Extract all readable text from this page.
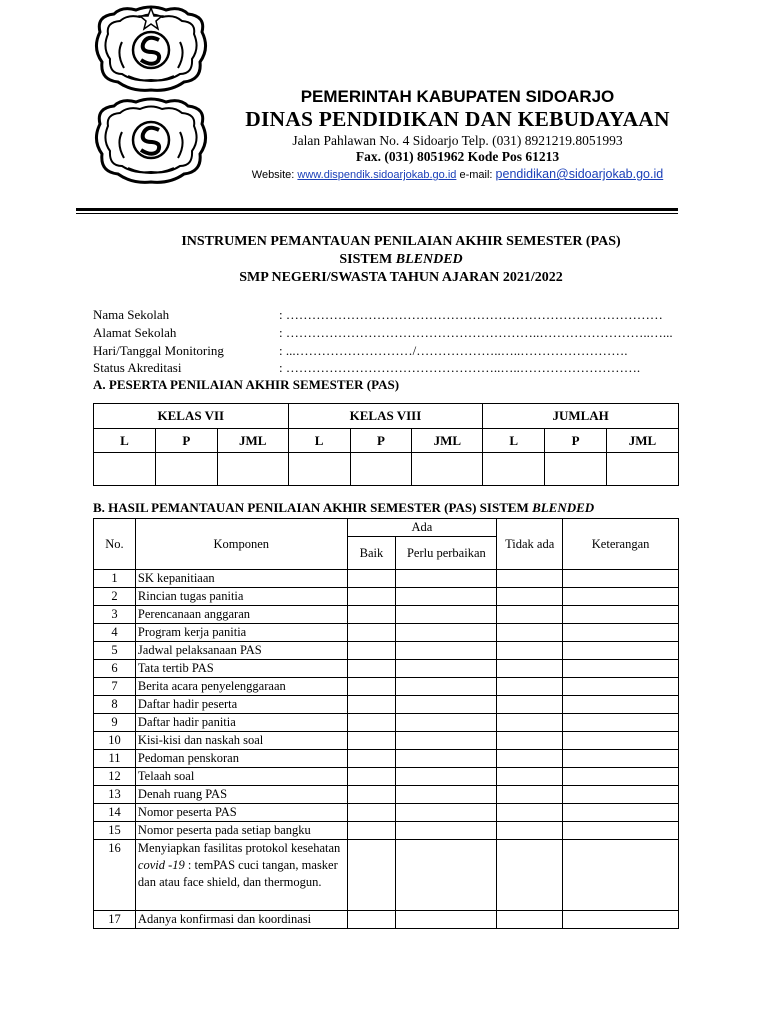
PEMERINTAH KABUPATEN SIDOARJO
DINAS PENDIDIKAN DAN KEBUDAYAAN
Jalan Pahlawan No. 4 Sidoarjo Telp. (031) 8921219.8051993
Fax. (031) 8051962 Kode Pos 61213
Website: www.dispendik.sidoarjokab.go.id e-mail: pendidikan@sidoarjokab.go.id
INSTRUMEN PEMANTAUAN PENILAIAN AKHIR SEMESTER (PAS)
SISTEM BLENDED
SMP NEGERI/SWASTA TAHUN AJARAN 2021/2022
Nama Sekolah	: ……………………………………………………………………………
Alamat Sekolah	: …………………………………………………..……………………..…...
Hari/Tanggal Monitoring	: ...………………………/………………..…..…………………….
Status Akreditasi	: …………………………………………..…..……………………….
A. PESERTA PENILAIAN AKHIR SEMESTER (PAS)
KELAS VII			KELAS VIII			JUMLAH		
L	P	JML	L	P	JML	L	P	JML

B. HASIL PEMANTAUAN PENILAIAN AKHIR SEMESTER (PAS) SISTEM BLENDED
No.	Komponen	Ada		Tidak ada	Keterangan
		Baik	Perlu perbaikan		
1	SK kepanitiaan				
2	Rincian tugas panitia				
3	Perencanaan anggaran				
4	Program kerja panitia				
5	Jadwal pelaksanaan PAS				
6	Tata tertib PAS				
7	Berita acara penyelenggaraan				
8	Daftar hadir peserta				
9	Daftar hadir panitia				
10	Kisi-kisi dan naskah soal				
11	Pedoman penskoran				
12	Telaah soal				
13	Denah ruang PAS				
14	Nomor peserta PAS				
15	Nomor peserta pada setiap bangku				
16	Menyiapkan fasilitas protokol kesehatan covid -19 : temPAS cuci tangan, masker dan atau face shield, dan thermogun.				
17	Adanya konfirmasi dan koordinasi				
